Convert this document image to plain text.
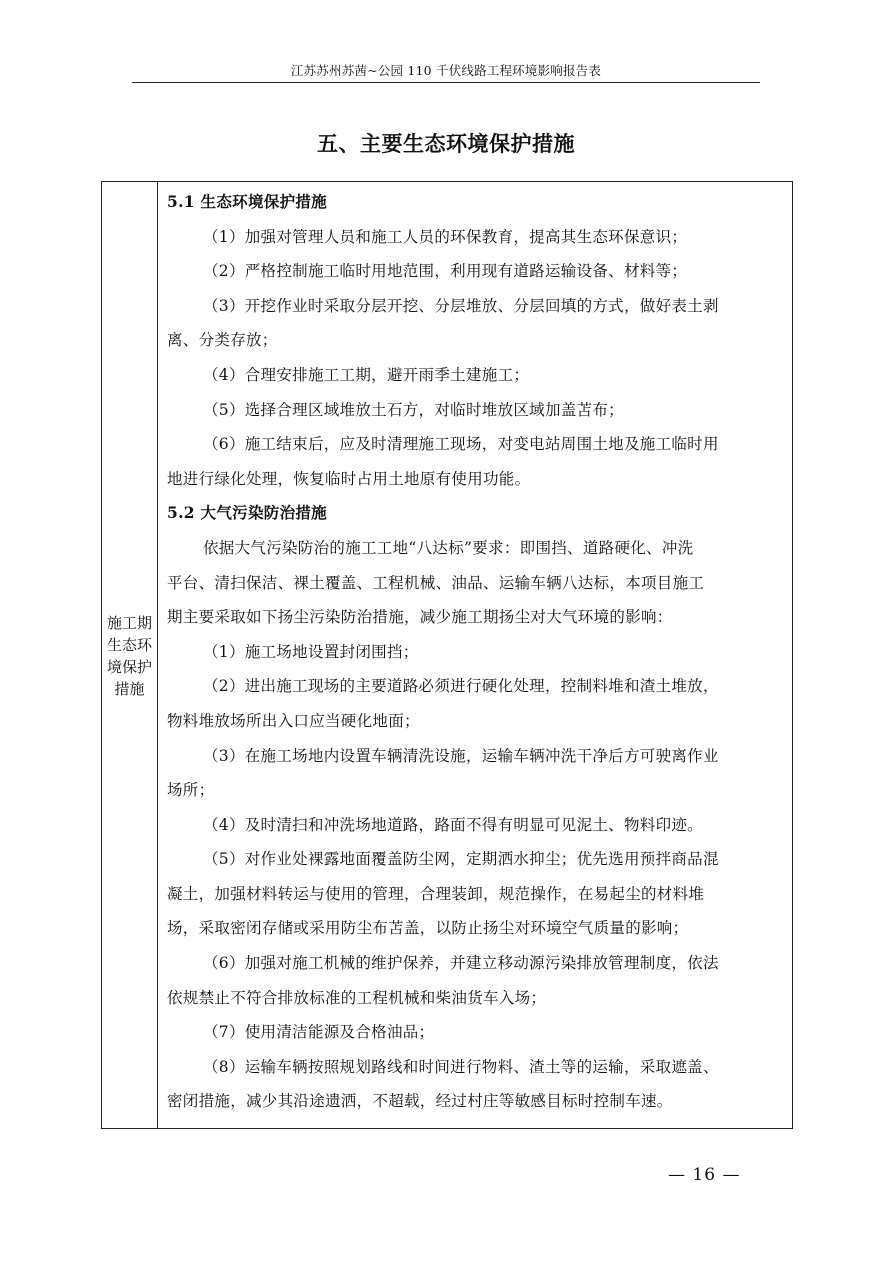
江苏苏州苏茜~公园 110 千伏线路工程环境影响报告表
五、主要生态环境保护措施
施工期
生态环
境保护
措施
5.1 生态环境保护措施
（1）加强对管理人员和施工人员的环保教育，提高其生态环保意识；
（2）严格控制施工临时用地范围，利用现有道路运输设备、材料等；
（3）开挖作业时采取分层开挖、分层堆放、分层回填的方式，做好表土剥
离、分类存放；
（4）合理安排施工工期，避开雨季土建施工；
（5）选择合理区域堆放土石方，对临时堆放区域加盖苫布；
（6）施工结束后，应及时清理施工现场，对变电站周围土地及施工临时用
地进行绿化处理，恢复临时占用土地原有使用功能。
5.2 大气污染防治措施
依据大气污染防治的施工工地“八达标”要求：即围挡、道路硬化、冲洗
平台、清扫保洁、裸土覆盖、工程机械、油品、运输车辆八达标，本项目施工
期主要采取如下扬尘污染防治措施，减少施工期扬尘对大气环境的影响：
（1）施工场地设置封闭围挡；
（2）进出施工现场的主要道路必须进行硬化处理，控制料堆和渣土堆放，
物料堆放场所出入口应当硬化地面；
（3）在施工场地内设置车辆清洗设施，运输车辆冲洗干净后方可驶离作业
场所；
（4）及时清扫和冲洗场地道路，路面不得有明显可见泥土、物料印迹。
（5）对作业处裸露地面覆盖防尘网，定期洒水抑尘；优先选用预拌商品混
凝土，加强材料转运与使用的管理，合理装卸，规范操作，在易起尘的材料堆
场，采取密闭存储或采用防尘布苫盖，以防止扬尘对环境空气质量的影响；
（6）加强对施工机械的维护保养，并建立移动源污染排放管理制度，依法
依规禁止不符合排放标准的工程机械和柴油货车入场；
（7）使用清洁能源及合格油品；
（8）运输车辆按照规划路线和时间进行物料、渣土等的运输，采取遮盖、
密闭措施，减少其沿途遗洒，不超载，经过村庄等敏感目标时控制车速。
— 16 —
